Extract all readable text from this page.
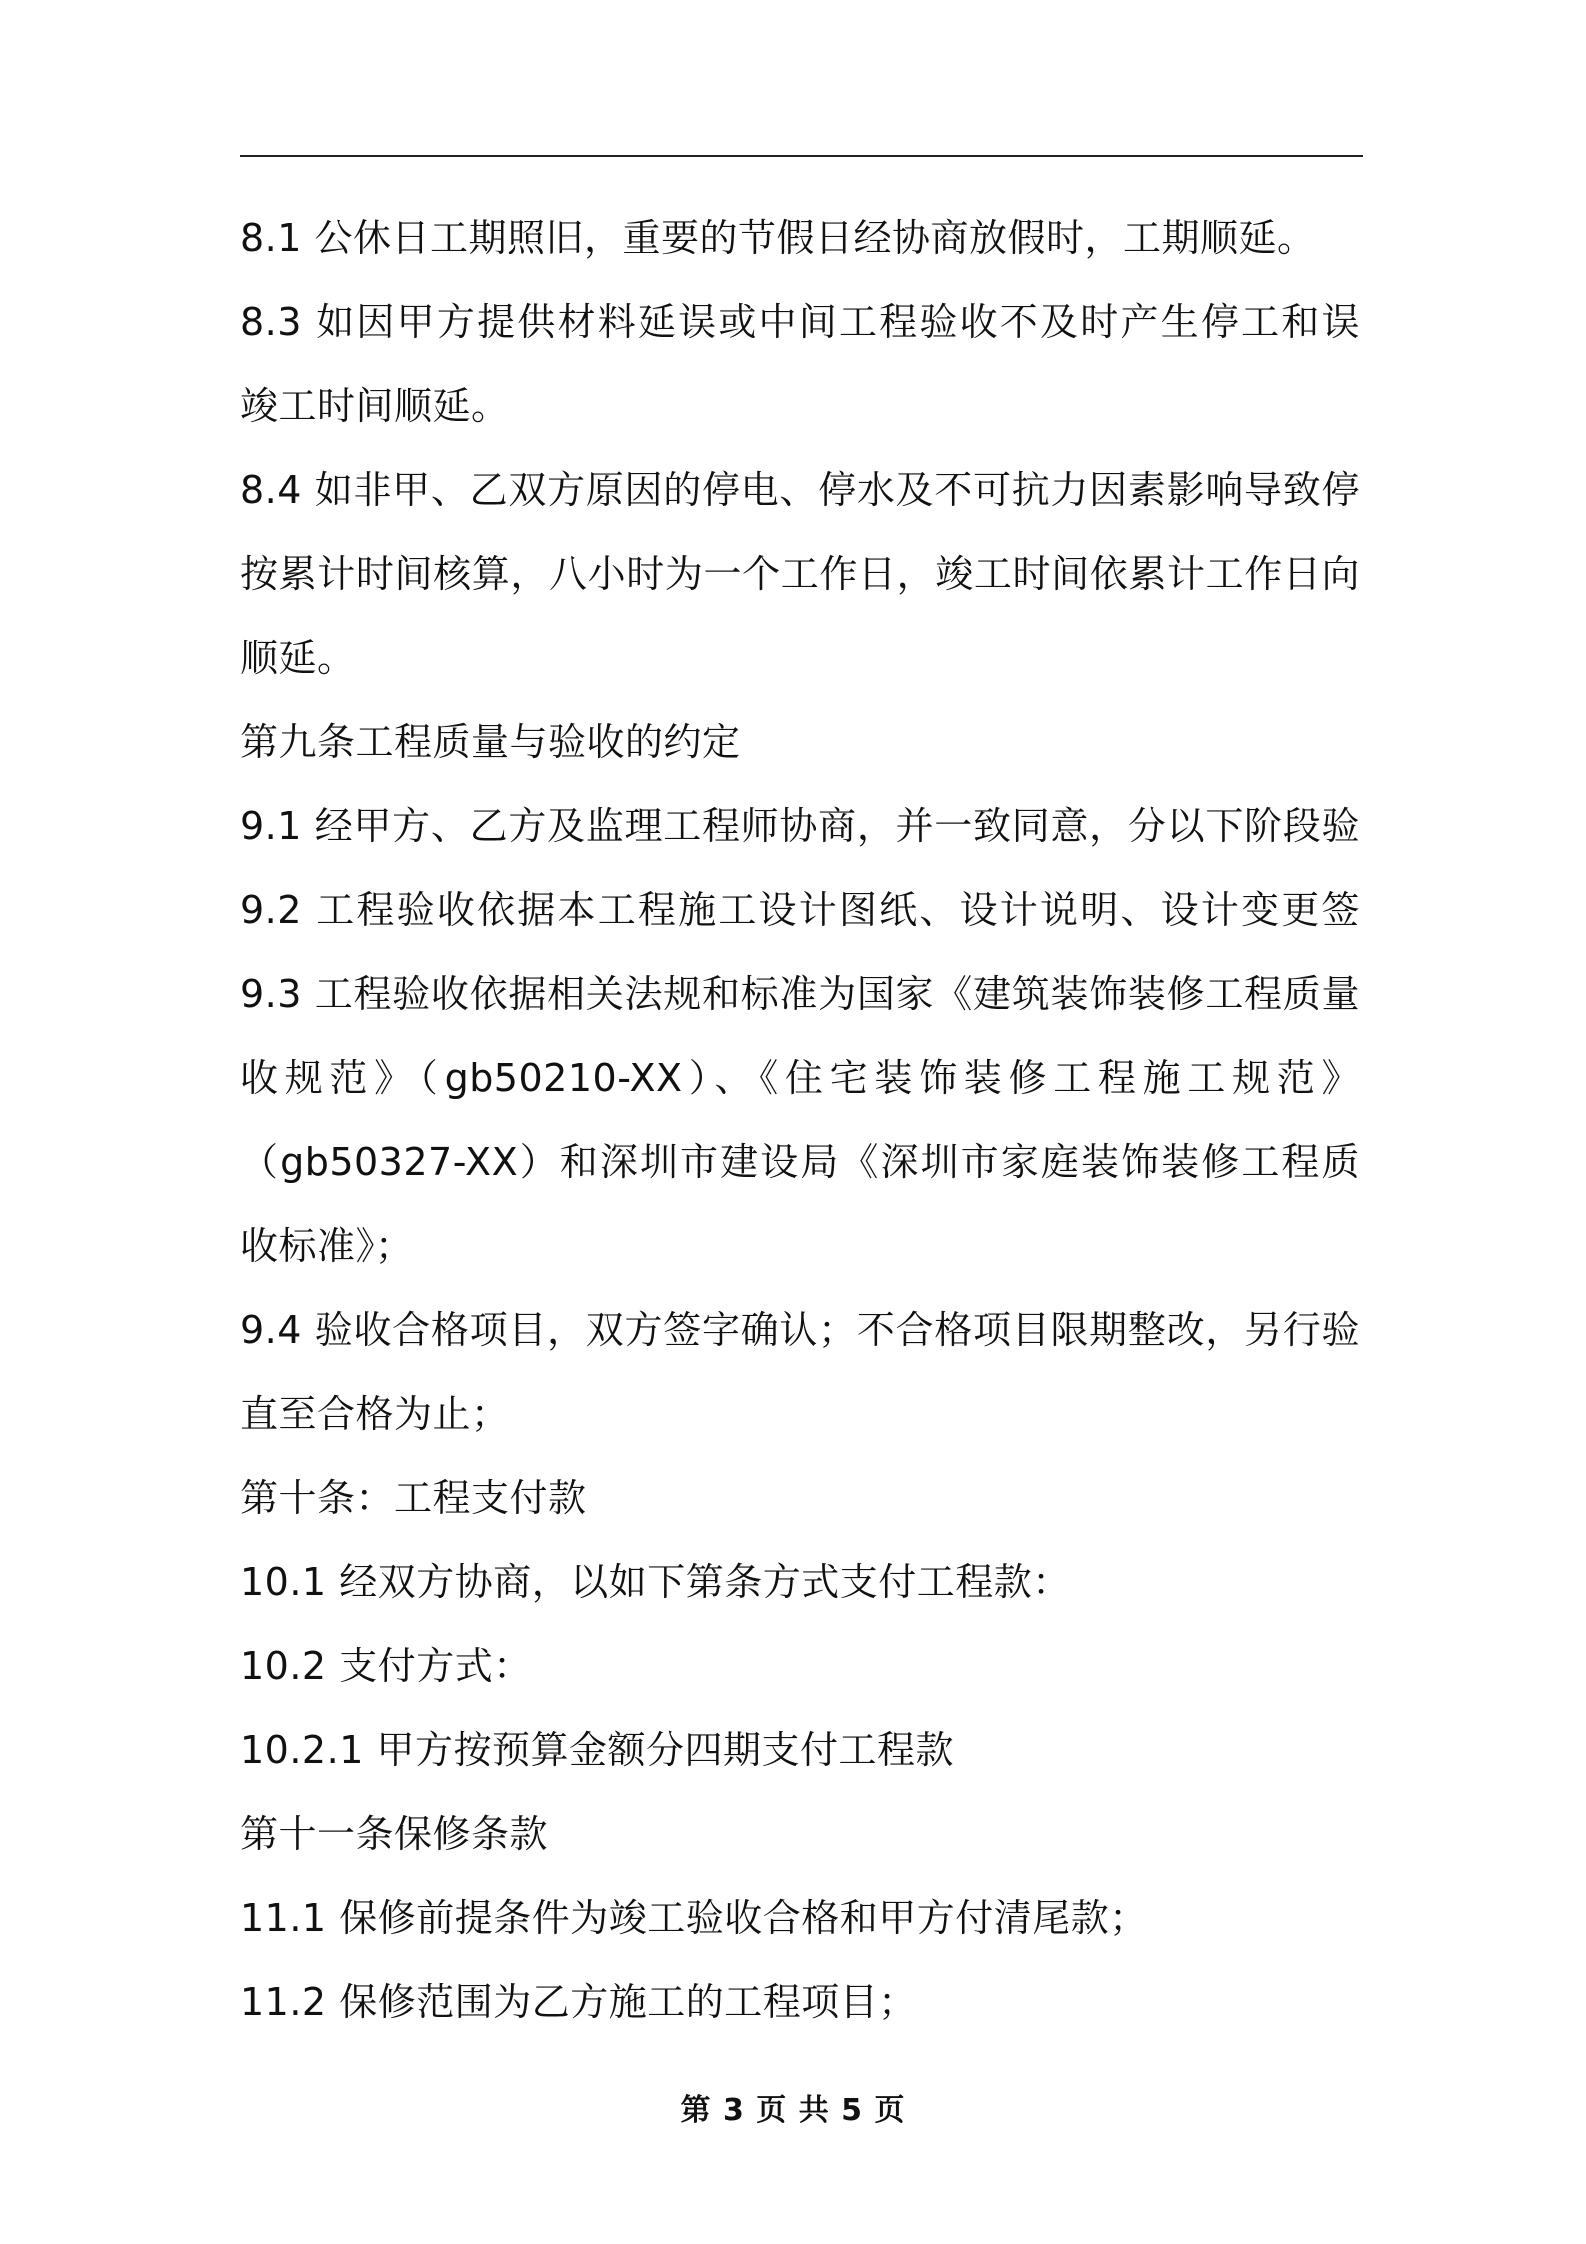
8.1 公休日工期照旧，重要的节假日经协商放假时，工期顺延。
8.3 如因甲方提供材料延误或中间工程验收不及时产生停工和误
竣工时间顺延。
8.4 如非甲、乙双方原因的停电、停水及不可抗力因素影响导致停
按累计时间核算，八小时为一个工作日，竣工时间依累计工作日向
顺延。
第九条工程质量与验收的约定
9.1 经甲方、乙方及监理工程师协商，并一致同意，分以下阶段验
9.2 工程验收依据本工程施工设计图纸、设计说明、设计变更签
9.3 工程验收依据相关法规和标准为国家《建筑装饰装修工程质量
收规范》（gb50210-XX）、《住宅装饰装修工程施工规范》
（gb50327-XX）和深圳市建设局《深圳市家庭装饰装修工程质
收标准》；
9.4 验收合格项目，双方签字确认；不合格项目限期整改，另行验
直至合格为止；
第十条：工程支付款
10.1 经双方协商，以如下第条方式支付工程款：
10.2 支付方式：
10.2.1 甲方按预算金额分四期支付工程款
第十一条保修条款
11.1 保修前提条件为竣工验收合格和甲方付清尾款；
11.2 保修范围为乙方施工的工程项目；
第 3 页 共 5 页
